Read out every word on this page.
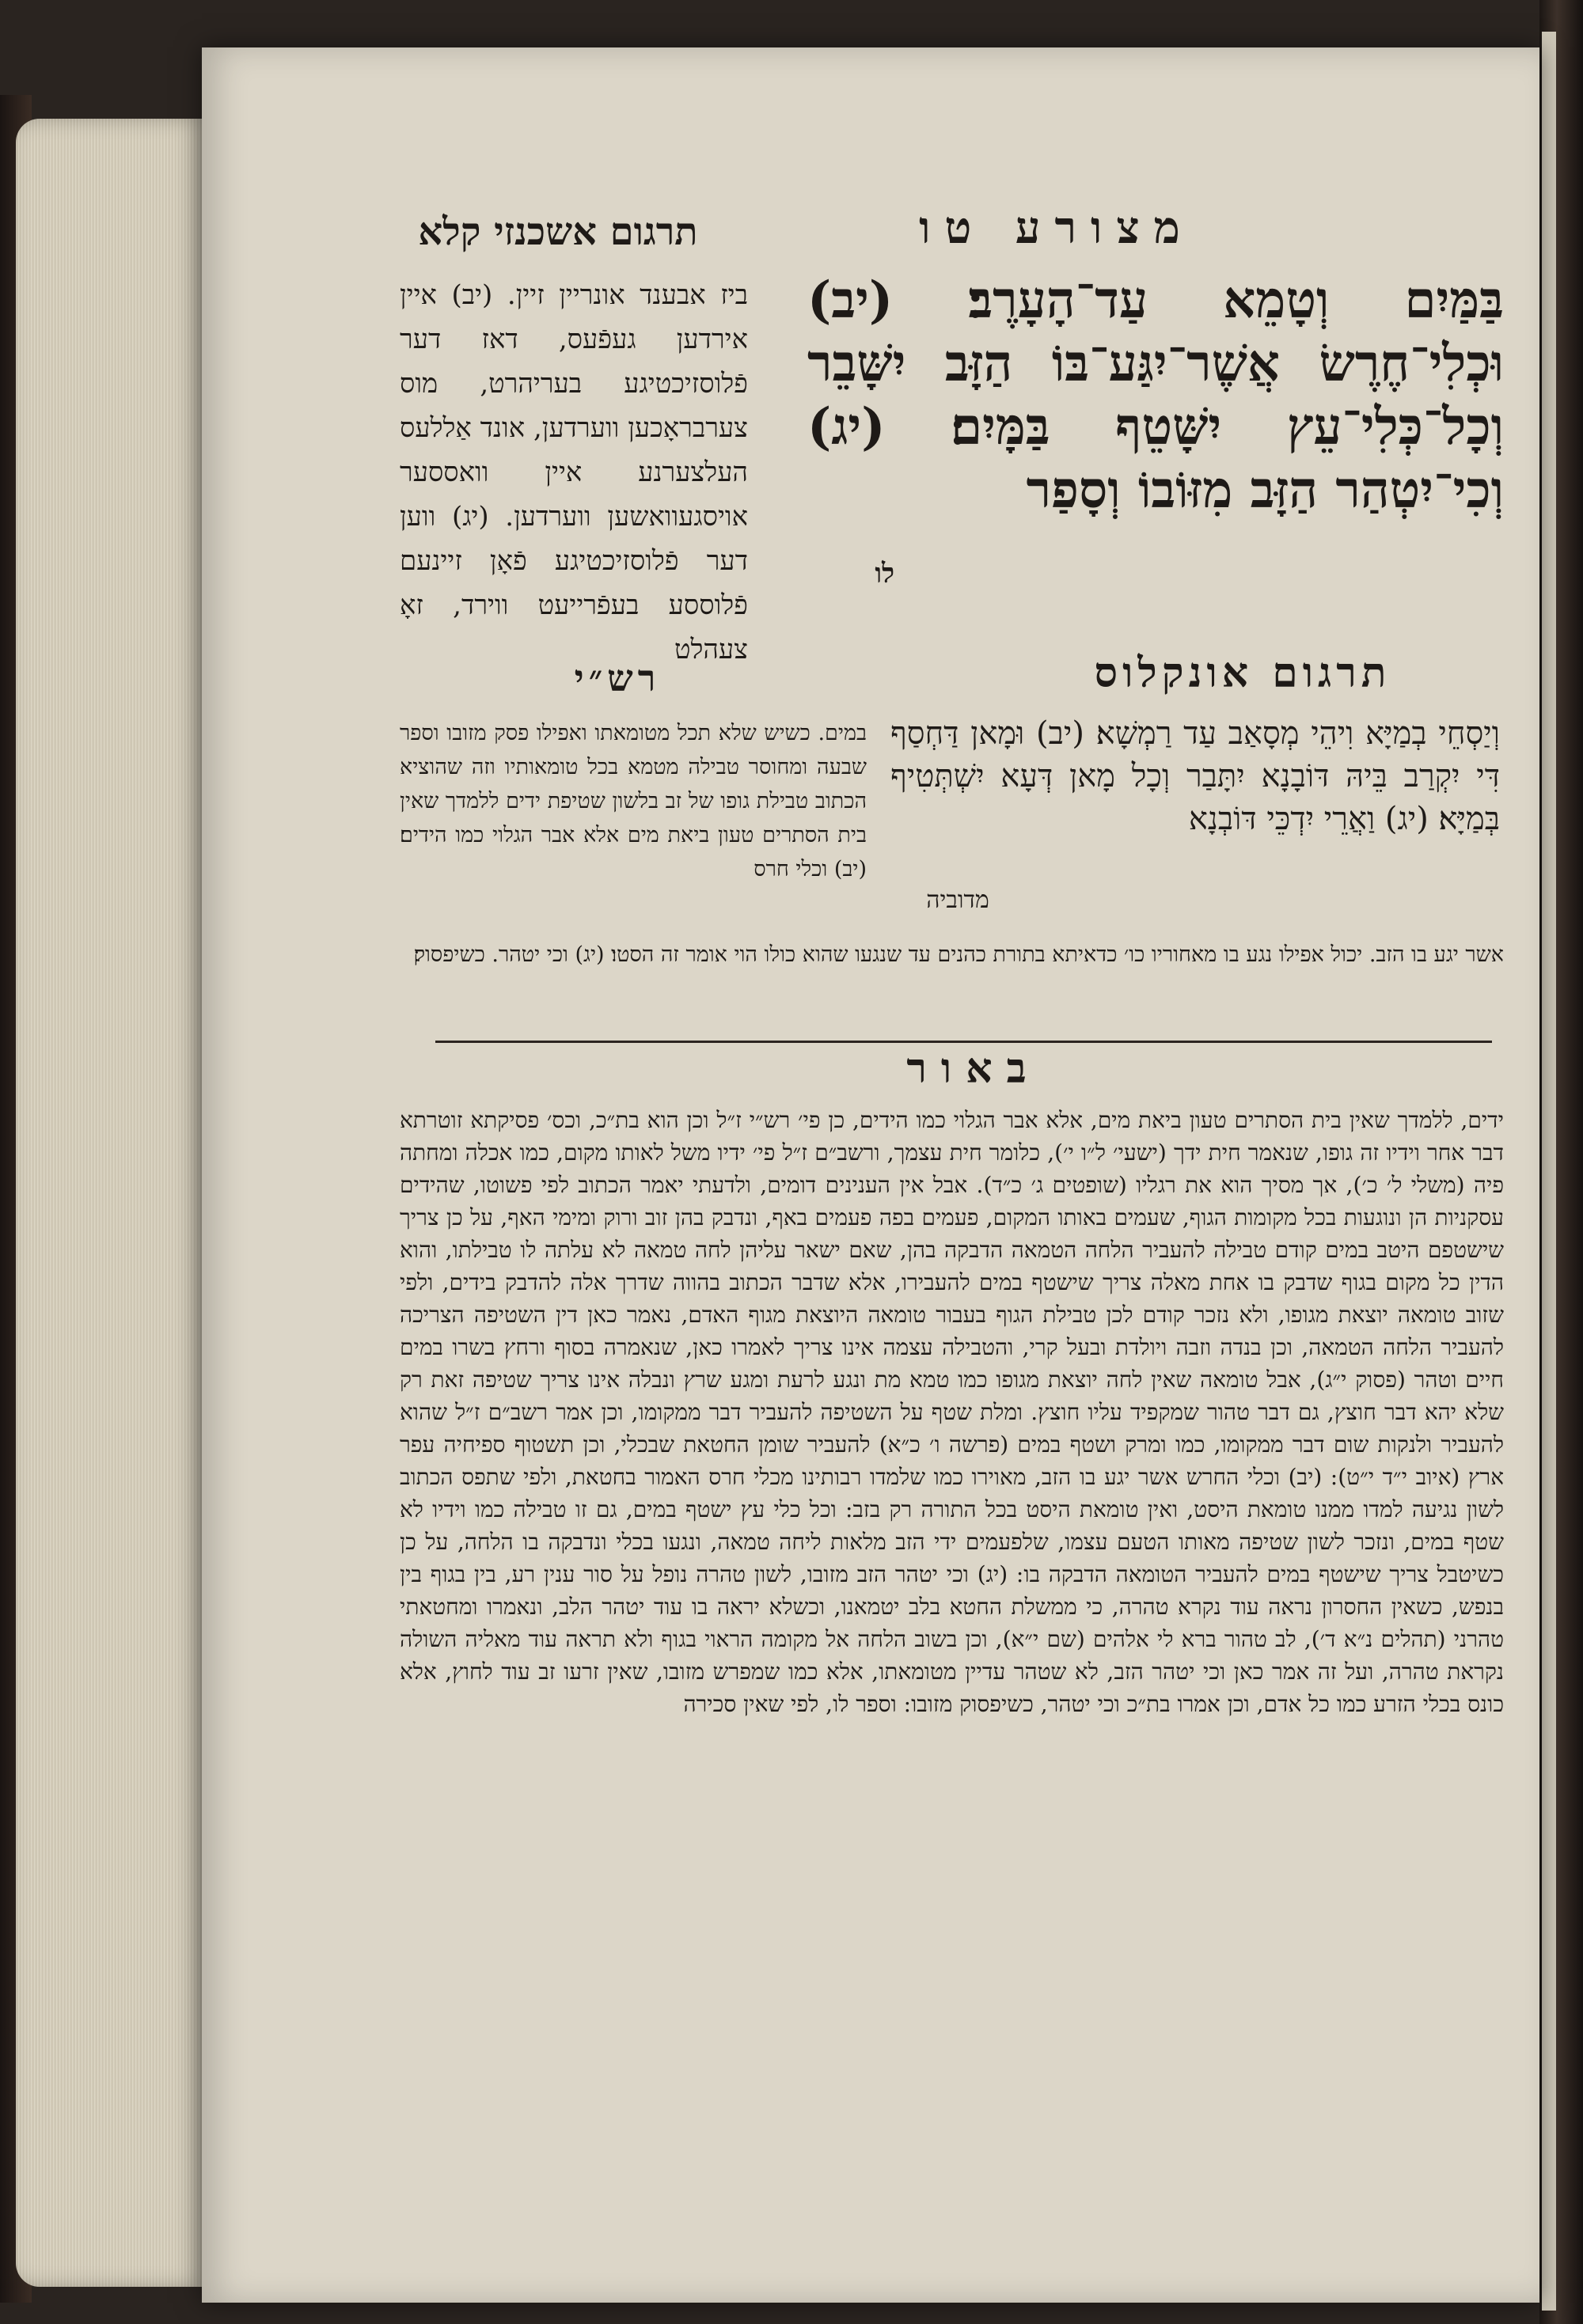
מצורע טו
תרגום אשכנזי קלא
בַּמַּיִם וְטָמֵא עַד־הָעָרֶב׃ (יב) וּכְלִי־חֶרֶשׂ אֲשֶׁר־יִגַּע־בּוֹ הַזָּב יִשָּׁבֵר וְכָל־כְּלִי־עֵץ יִשָּׁטֵף בַּמָּיִם׃ (יג) וְכִי־יִטְהַר הַזָּב מִזּוֹבוֹ וְסָפַר
לו
ביז אבענד אונריין זיין. (יב) איין אירדען געפֿעס, דאז דער פֿלוסזיכטיגע בעריהרט, מוס צערבראָכען ווערדען, אונד אַללעס העלצערנע איין וואססער אויסגעוואשען ווערדען. (יג) ווען דער פֿלוסזיכטיגע פֿאָן זיינעם פֿלוססע בעפֿרייעט ווירד, זאָ צעהלט	תרגום אונקלוס
וְיַסְחֵי בְמַיָּא וִיהֵי מְסָאַב עַד רַמְשָׁא׃ (יב) וּמָאן דַּחְסַף דִּי יִקְרַב בֵּיהּ דּוֹבָנָא יִתָּבַר וְכָל מָאן דְּעָא יִשְׁתְּטִיף בְּמַיָּא׃ (יג) וַאֲרֵי יִדְכֵּי דּוֹבְנָא
מדוביה
רש״י
במים. כשיש שלא תכל מטומאתו ואפילו פסק מזובו וספר שבעה ומחוסר טבילה מטמא בכל טומאותיו וזה שהוציא הכתוב טבילת גופו של זב בלשון שטיפת ידים ללמדך שאין בית הסתרים טעון ביאת מים אלא אבר הגלוי כמו הידים׃ (יב) וכלי חרס
אשר יגע בו הזב. יכול אפילו נגע בו מאחוריו כו׳ כדאיתא בתורת כהנים עד שנגעו שהוא כולו הוי אומר זה הסטו׃ (יג) וכי יטהר. כשיפסוק׃
באור
ידים, ללמדך שאין בית הסתרים טעון ביאת מים, אלא אבר הגלוי כמו הידים, כן פי׳ רש״י ז״ל וכן הוא בת״כ, וכס׳ פסיקתא זוטרתא דבר אחר וידיו זה גופו, שנאמר חית ידך (ישעי׳ ל״ו י׳), כלומר חית עצמך, ורשב״ם ז״ל פי׳ ידיו משל לאותו מקום, כמו אכלה ומחתה פיה (משלי ל׳ כ׳), אך מסיך הוא את רגליו (שופטים ג׳ כ״ד). אבל אין הענינים דומים, ולדעתי יאמר הכתוב לפי פשוטו, שהידים עסקניות הן ונוגעות בכל מקומות הגוף, שעמים באותו המקום, פעמים בפה פעמים באף, ונדבק בהן זוב ורוק ומימי האף, על כן צריך שישטפם היטב במים קודם טבילה להעביר הלחה הטמאה הדבקה בהן, שאם ישאר עליהן לחה טמאה לא עלתה לו טבילתו, והוא הדין כל מקום בגוף שדבק בו אחת מאלה צריך שישטף במים להעבירו, אלא שדבר הכתוב בהווה שדרך אלה להדבק בידים, ולפי שזוב טומאה יוצאת מגופו, ולא נזכר קודם לכן טבילת הגוף בעבור טומאה היוצאת מגוף האדם, נאמר כאן דין השטיפה הצריכה להעביר הלחה הטמאה, וכן בנדה וזבה ויולדת ובעל קרי, והטבילה עצמה אינו צריך לאמרו כאן, שנאמרה בסוף ורחץ בשרו במים חיים וטהר (פסוק י״ג), אבל טומאה שאין לחה יוצאת מגופו כמו טמא מת ונגע לרעת ומגע שרץ ונבלה אינו צריך שטיפה זאת רק שלא יהא דבר חוצץ, גם דבר טהור שמקפיד עליו חוצץ. ומלת שטף על השטיפה להעביר דבר ממקומו, וכן אמר רשב״ם ז״ל שהוא להעביר ולנקות שום דבר ממקומו, כמו ומרק ושטף במים (פרשה ו׳ כ״א) להעביר שומן החטאת שבכלי, וכן תשטוף ספיחיה עפר ארץ (איוב י״ד י״ט): (יב) וכלי החרש אשר יגע בו הזב, מאוירו כמו שלמדו רבותינו מכלי חרס האמור בחטאת, ולפי שתפס הכתוב לשון נגיעה למדו ממנו טומאת היסט, ואין טומאת היסט בכל התורה רק בזב: וכל כלי עץ ישטף במים, גם זו טבילה כמו וידיו לא שטף במים, ונזכר לשון שטיפה מאותו הטעם עצמו, שלפעמים ידי הזב מלאות ליחה טמאה, ונגעו בכלי ונדבקה בו הלחה, על כן כשיטבל צריך שישטף במים להעביר הטומאה הדבקה בו: (יג) וכי יטהר הזב מזובו, לשון טהרה נופל על סור ענין רע, בין בגוף בין בנפש, כשאין החסרון נראה עוד נקרא טהרה, כי ממשלת החטא בלב יטמאנו, וכשלא יראה בו עוד יטהר הלב, ונאמרו ומחטאתי טהרני (תהלים נ״א ד׳), לב טהור ברא לי אלהים (שם י״א), וכן בשוב הלחה אל מקומה הראוי בגוף ולא תראה עוד מאליה השולה נקראת טהרה, ועל זה אמר כאן וכי יטהר הזב, לא שטהר עדיין מטומאתו, אלא כמו שמפרש מזובו, שאין זרעו זב עוד לחוץ, אלא כונס בכלי הזרע כמו כל אדם, וכן אמרו בת״כ וכי יטהר, כשיפסוק מזובו: וספר לו, לפי שאין סכירה
